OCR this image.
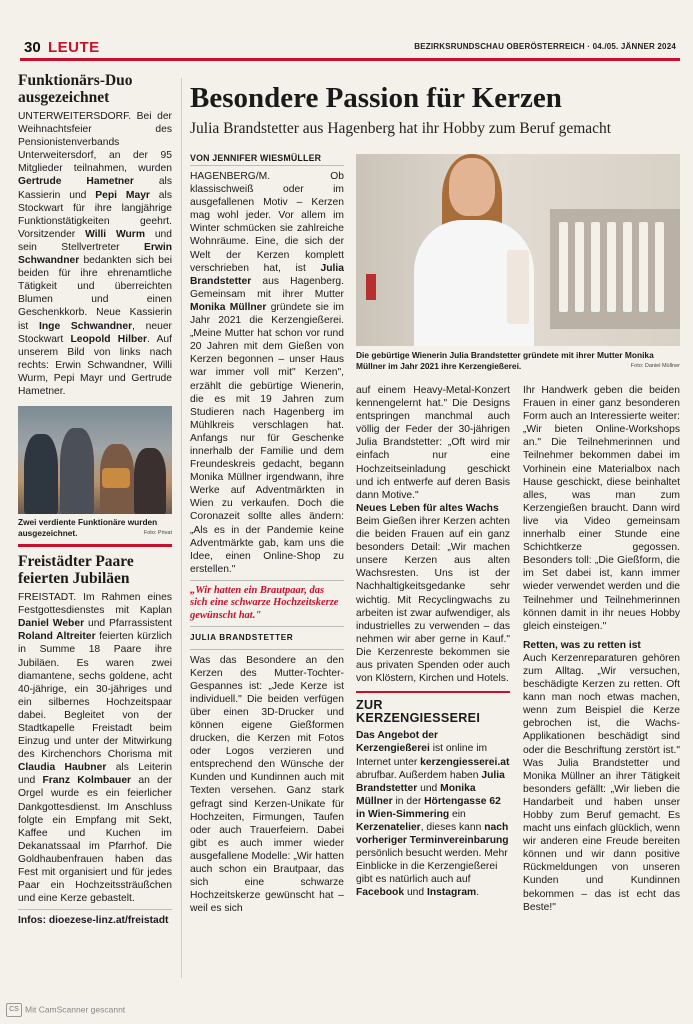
30 LEUTE	BEZIRKSRUNDSCHAU OBERÖSTERREICH · 04./05. JÄNNER 2024
Funktionärs-Duo ausgezeichnet

UNTERWEITERSDORF. Bei der Weihnachtsfeier des Pensionistenverbands Unterweitersdorf, an der 95 Mitglieder teilnahmen, wurden Gertrude Hametner als Kassierin und Pepi Mayr als Stockwart für ihre langjährige Funktionstätigkeiten geehrt. Vorsitzender Willi Wurm und sein Stellvertreter Erwin Schwandner bedankten sich bei beiden für ihre ehrenamtliche Tätigkeit und überreichten Blumen und einen Geschenkkorb. Neue Kassierin ist Inge Schwandner, neuer Stockwart Leopold Hilber. Auf unserem Bild von links nach rechts: Erwin Schwandner, Willi Wurm, Pepi Mayr und Gertrude Hametner.

Zwei verdiente Funktionäre wurden ausgezeichnet.	Foto: Privat
Freistädter Paare feierten Jubiläen

FREISTADT. Im Rahmen eines Festgottesdienstes mit Kaplan Daniel Weber und Pfarrassistent Roland Altreiter feierten kürzlich in Summe 18 Paare ihre Jubiläen. Es waren zwei diamantene, sechs goldene, acht 40-jährige, ein 30-jähriges und ein silbernes Hochzeitspaar dabei. Begleitet von der Stadtkapelle Freistadt beim Einzug und unter der Mitwirkung des Kirchenchors Chorisma mit Claudia Haubner als Leiterin und Franz Kolmbauer an der Orgel wurde es ein feierlicher Dankgottesdienst. Im Anschluss folgte ein Empfang mit Sekt, Kaffee und Kuchen im Dekanatssaal im Pfarrhof. Die Goldhaubenfrauen haben das Fest mit organisiert und für jedes Paar ein Hochzeitssträußchen und eine Kerze gebastelt.

Infos: dioezese-linz.at/freistadt

Besondere Passion für Kerzen
Julia Brandstetter aus Hagenberg hat ihr Hobby zum Beruf gemacht
VON JENNIFER WIESMÜLLER
Die gebürtige Wienerin Julia Brandstetter gründete mit ihrer Mutter Monika Müllner im Jahr 2021 ihre Kerzengießerei.	Foto: Daniel Müllner

HAGENBERG/M. Ob klassischweiß oder im ausgefallenen Motiv – Kerzen mag wohl jeder. Vor allem im Winter schmücken sie zahlreiche Wohnräume. Eine, die sich der Welt der Kerzen komplett verschrieben hat, ist Julia Brandstetter aus Hagenberg. Gemeinsam mit ihrer Mutter Monika Müllner gründete sie im Jahr 2021 die Kerzengießerei. „Meine Mutter hat schon vor rund 20 Jahren mit dem Gießen von Kerzen begonnen – unser Haus war immer voll mit" Kerzen", erzählt die gebürtige Wienerin, die es mit 19 Jahren zum Studieren nach Hagenberg im Mühlkreis verschlagen hat. Anfangs nur für Geschenke innerhalb der Familie und dem Freundeskreis gedacht, begann Monika Müllner irgendwann, ihre Werke auf Adventmärkten in Wien zu verkaufen. Doch die Coronazeit sollte alles ändern: „Als es in der Pandemie keine Adventmärkte gab, kam uns die Idee, einen Online-Shop zu erstellen."

„Wir hatten ein Brautpaar, das sich eine schwarze Hochzeitskerze gewünscht hat."

JULIA BRANDSTETTER

Was das Besondere an den Kerzen des Mutter-Tochter-Gespannes ist: „Jede Kerze ist individuell." Die beiden verfügen über einen 3D-Drucker und können eigene Gießformen drucken, die Kerzen mit Fotos oder Logos verzieren und entsprechend den Wünsche der Kunden und Kundinnen auch mit Texten versehen. Ganz stark gefragt sind Kerzen-Unikate für Hochzeiten, Firmungen, Taufen oder auch Trauerfeiern. Dabei gibt es auch immer wieder ausgefallene Modelle: „Wir hatten auch schon ein Brautpaar, das sich eine schwarze Hochzeitskerze gewünscht hat – weil es sich

auf einem Heavy-Metal-Konzert kennengelernt hat." Die Designs entspringen manchmal auch völlig der Feder der 30-jährigen Julia Brandstetter: „Oft wird mir einfach nur eine Hochzeitseinladung geschickt und ich entwerfe auf deren Basis dann Motive."

Neues Leben für altes Wachs

Beim Gießen ihrer Kerzen achten die beiden Frauen auf ein ganz besonders Detail: „Wir machen unsere Kerzen aus alten Wachsresten. Uns ist der Nachhaltigkeitsgedanke sehr wichtig. Mit Recyclingwachs zu arbeiten ist zwar aufwendiger, als industrielles zu verwenden – das nehmen wir aber gerne in Kauf." Die Kerzenreste bekommen sie aus privaten Spenden oder auch von Klöstern, Kirchen und Hotels.

ZUR KERZENGIESSEREI

Das Angebot der Kerzengießerei ist online im Internet unter kerzengiesserei.at abrufbar. Außerdem haben Julia Brandstetter und Monika Müllner in der Hörtengasse 62 in Wien-Simmering ein Kerzenatelier, dieses kann nach vorheriger Terminvereinbarung persönlich besucht werden. Mehr Einblicke in die Kerzengießerei gibt es natürlich auch auf Facebook und Instagram.

Ihr Handwerk geben die beiden Frauen in einer ganz besonderen Form auch an Interessierte weiter: „Wir bieten Online-Workshops an." Die Teilnehmerinnen und Teilnehmer bekommen dabei im Vorhinein eine Materialbox nach Hause geschickt, diese beinhaltet alles, was man zum Kerzengießen braucht. Dann wird live via Video gemeinsam innerhalb einer Stunde eine Schichtkerze gegossen. Besonders toll: „Die Gießform, die im Set dabei ist, kann immer wieder verwendet werden und die Teilnehmer und Teilnehmerinnen können damit in ihr neues Hobby gleich einsteigen."

Retten, was zu retten ist

Auch Kerzenreparaturen gehören zum Alltag. „Wir versuchen, beschädigte Kerzen zu retten. Oft kann man noch etwas machen, wenn zum Beispiel die Kerze gebrochen ist, die Wachs-Applikationen beschädigt sind oder die Beschriftung zerstört ist." Was Julia Brandstetter und Monika Müllner an ihrer Tätigkeit besonders gefällt: „Wir lieben die Handarbeit und haben unser Hobby zum Beruf gemacht. Es macht uns einfach glücklich, wenn wir anderen eine Freude bereiten können und wir dann positive Rückmeldungen von unseren Kunden und Kundinnen bekommen – das ist echt das Beste!"

CS Mit CamScanner gescannt
